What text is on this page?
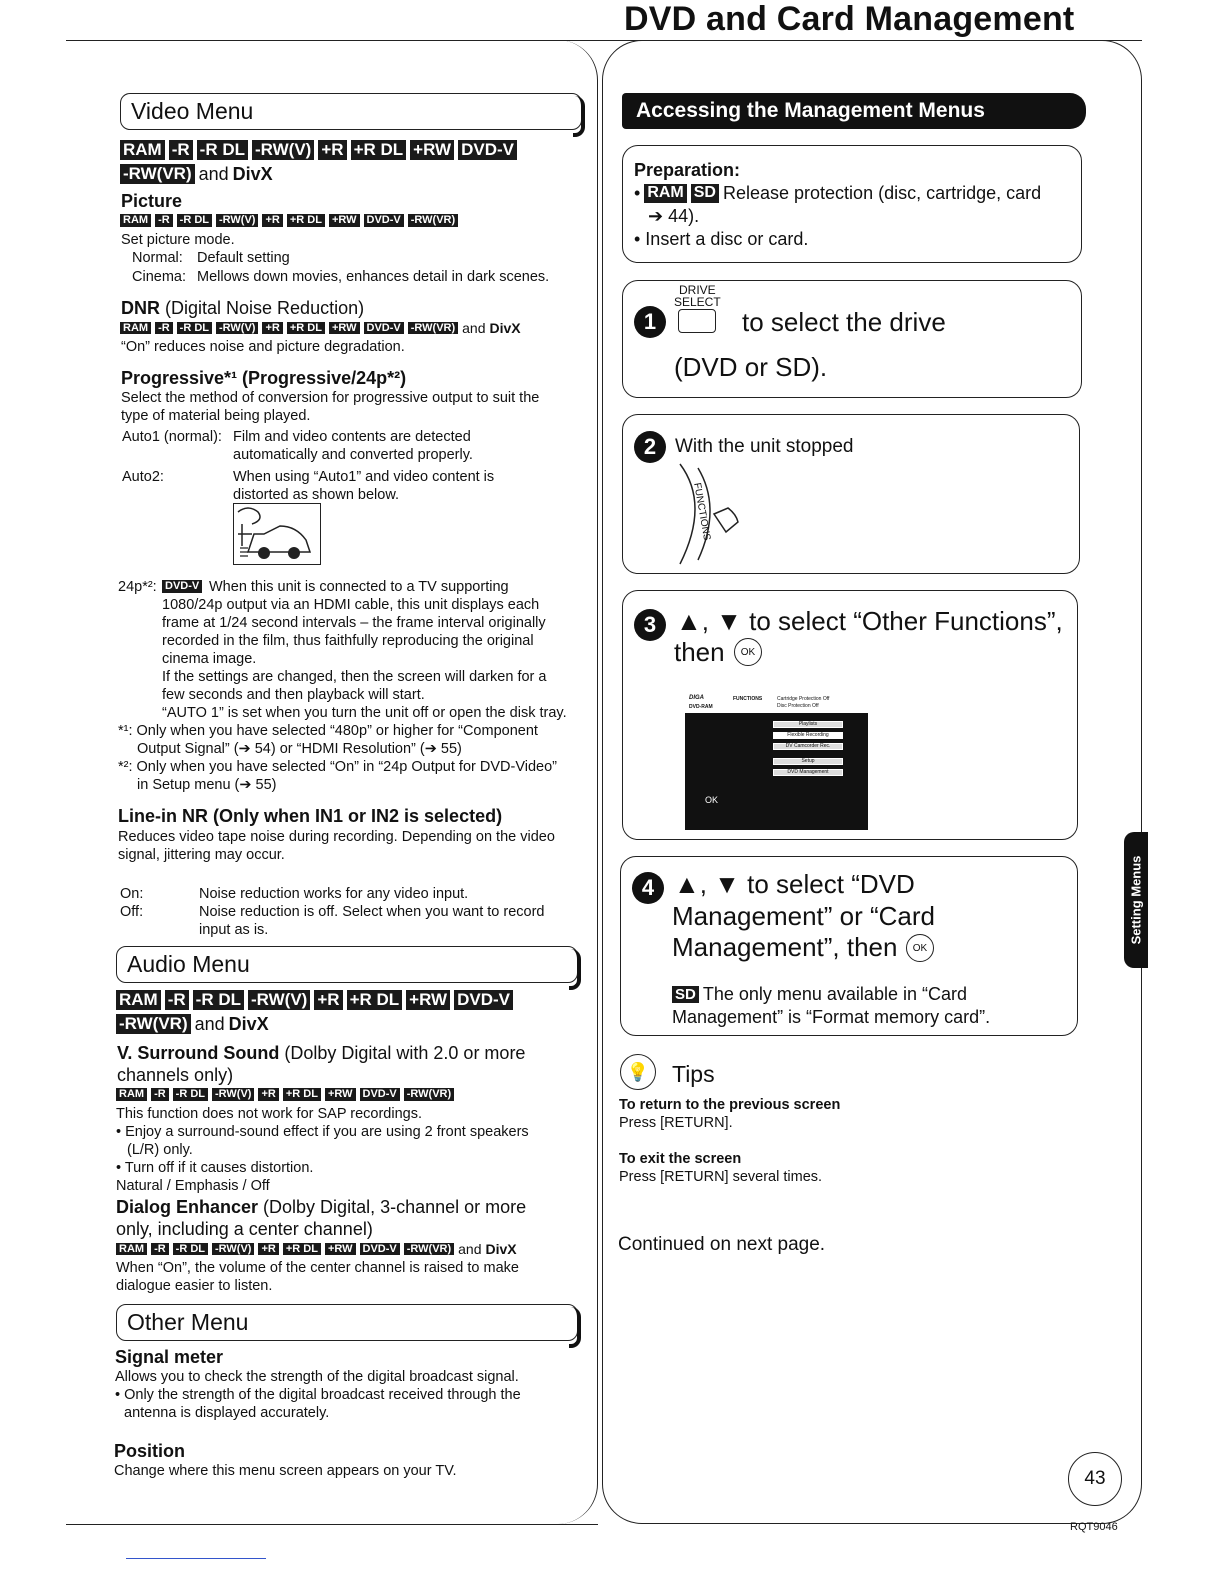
DVD and Card Management
Video Menu
RAM -R -R DL -RW(V) +R +R DL +RW DVD-V
-RW(VR) and DivX
Picture
RAM -R -R DL -RW(V) +R +R DL +RW DVD-V -RW(VR)
Set picture mode.
Normal: Default setting
Cinema: Mellows down movies, enhances detail in dark scenes.
DNR (Digital Noise Reduction)
RAM -R -R DL -RW(V) +R +R DL +RW DVD-V -RW(VR) and DivX
“On” reduces noise and picture degradation.
Progressive*¹ (Progressive/24p*²)
Select the method of conversion for progressive output to suit the
type of material being played.
Auto1 (normal): Film and video contents are detected
automatically and converted properly.
Auto2:	When using “Auto1” and video content is
distorted as shown below.
24p*²: DVD-V When this unit is connected to a TV supporting
1080/24p output via an HDMI cable, this unit displays each
frame at 1/24 second intervals – the frame interval originally
recorded in the film, thus faithfully reproducing the original
cinema image.
If the settings are changed, then the screen will darken for a
few seconds and then playback will start.
“AUTO 1” is set when you turn the unit off or open the disk tray.
*¹: Only when you have selected “480p” or higher for “Component
Output Signal” (➔ 54) or “HDMI Resolution” (➔ 55)
*²: Only when you have selected “On” in “24p Output for DVD-Video”
in Setup menu (➔ 55)
Line-in NR (Only when IN1 or IN2 is selected)
Reduces video tape noise during recording. Depending on the video
signal, jittering may occur.
On:	Noise reduction works for any video input.
Off:	Noise reduction is off. Select when you want to record
input as is.
Audio Menu
RAM -R -R DL -RW(V) +R +R DL +RW DVD-V
-RW(VR) and DivX
V. Surround Sound (Dolby Digital with 2.0 or more
channels only)
RAM -R -R DL -RW(V) +R +R DL +RW DVD-V -RW(VR)
This function does not work for SAP recordings.
• Enjoy a surround-sound effect if you are using 2 front speakers
(L/R) only.
• Turn off if it causes distortion.
Natural / Emphasis / Off
Dialog Enhancer (Dolby Digital, 3-channel or more
only, including a center channel)
RAM -R -R DL -RW(V) +R +R DL +RW DVD-V -RW(VR) and DivX
When “On”, the volume of the center channel is raised to make
dialogue easier to listen.
Other Menu
Signal meter
Allows you to check the strength of the digital broadcast signal.
• Only the strength of the digital broadcast received through the
antenna is displayed accurately.
Position
Change where this menu screen appears on your TV.
Accessing the Management Menus
Preparation:
• RAM SD Release protection (disc, cartridge, card
➔ 44).
• Insert a disc or card.
1
DRIVE
SELECT
to select the drive
(DVD or SD).
2 With the unit stopped
FUNCTIONS
3 ▲, ▼ to select “Other Functions”,
then	OK
DIGA	FUNCTIONS
DVD-RAM
Cartridge Protection Off
Disc Protection Off
Playlists
Flexible Recording
DV Camcorder Rec.
Setup
DVD Management
OK
4 ▲, ▼ to select “DVD
Management” or “Card
Management”, then	OK
SD The only menu available in “Card
Management” is “Format memory card”.
💡 Tips
To return to the previous screen
Press [RETURN].
To exit the screen
Press [RETURN] several times.
Continued on next page.
Setting Menus
43
RQT9046
